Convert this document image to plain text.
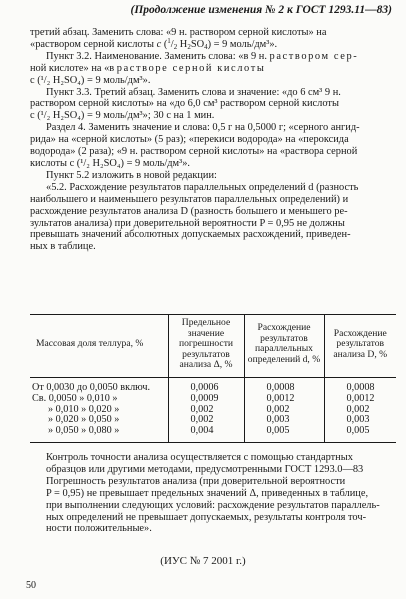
(Продолжение изменения № 2 к ГОСТ 1293.11—83)

третий абзац. Заменить слова: «9 н. раствором серной кислоты» на

«раствором серной кислоты c ($^1/_2$ $H_2SO_4) = 9$ моль/дм³».

Пункт 3.2. Наименование. Заменить слова: «в 9 н. раствором сер-

ной кислоте» на «в растворе серной кислоты

c (¹/₂ H₂SO₄) = 9 моль/дм³».

Пункт 3.3. Третий абзац. Заменить слова и значение: «до 6 см³ 9 н.

раствором серной кислоты» на «до 6,0 см³ раствором серной кислоты

c (¹/₂ H₂SO₄) = 9 моль/дм³»; 30 с на 1 мин.

Раздел 4. Заменить значение и слова: 0,5 г на 0,5000 г; «серного ангид-

рида» на «серной кислоты» (5 раз); «перекиси водорода» на «пероксида

водорода» (2 раза); «9 н. раствором серной кислоты» на «раствора серной

кислоты c (¹/₂ H₂SO₄) = 9 моль/дм³».

Пункт 5.2 изложить в новой редакции:

«5.2. Расхождение результатов параллельных определений d (разность

наибольшего и наименьшего результатов параллельных определений) и

расхождение результатов анализа D (разность большего и меньшего ре-

зультатов анализа) при доверительной вероятности P = 0,95 не должны

превышать значений абсолютных допускаемых расхождений, приведен-

ных в таблице.

Массовая доля теллура, %	Предельное значение погрешности результатов анализа Δ, %	Расхождение результатов параллельных определений d, %	Расхождение результатов анализа D, %
От 0,0030 до 0,0050 включ.	0,0006	0,0008	0,0008
Св. 0,0050 » 0,010 »	0,0009	0,0012	0,0012
» 0,010 » 0,020 »	0,002	0,002	0,002
» 0,020 » 0,050 »	0,002	0,003	0,003
» 0,050 » 0,080 »	0,004	0,005	0,005

Контроль точности анализа осуществляется с помощью стандартных

образцов или другими методами, предусмотренными ГОСТ 1293.0—83

Погрешность результатов анализа (при доверительной вероятности

P = 0,95) не превышает предельных значений Δ, приведенных в таблице,

при выполнении следующих условий: расхождение результатов параллель-

ных определений не превышает допускаемых, результаты контроля точ-

ности положительные».

(ИУС № 7 2001 г.)
50
